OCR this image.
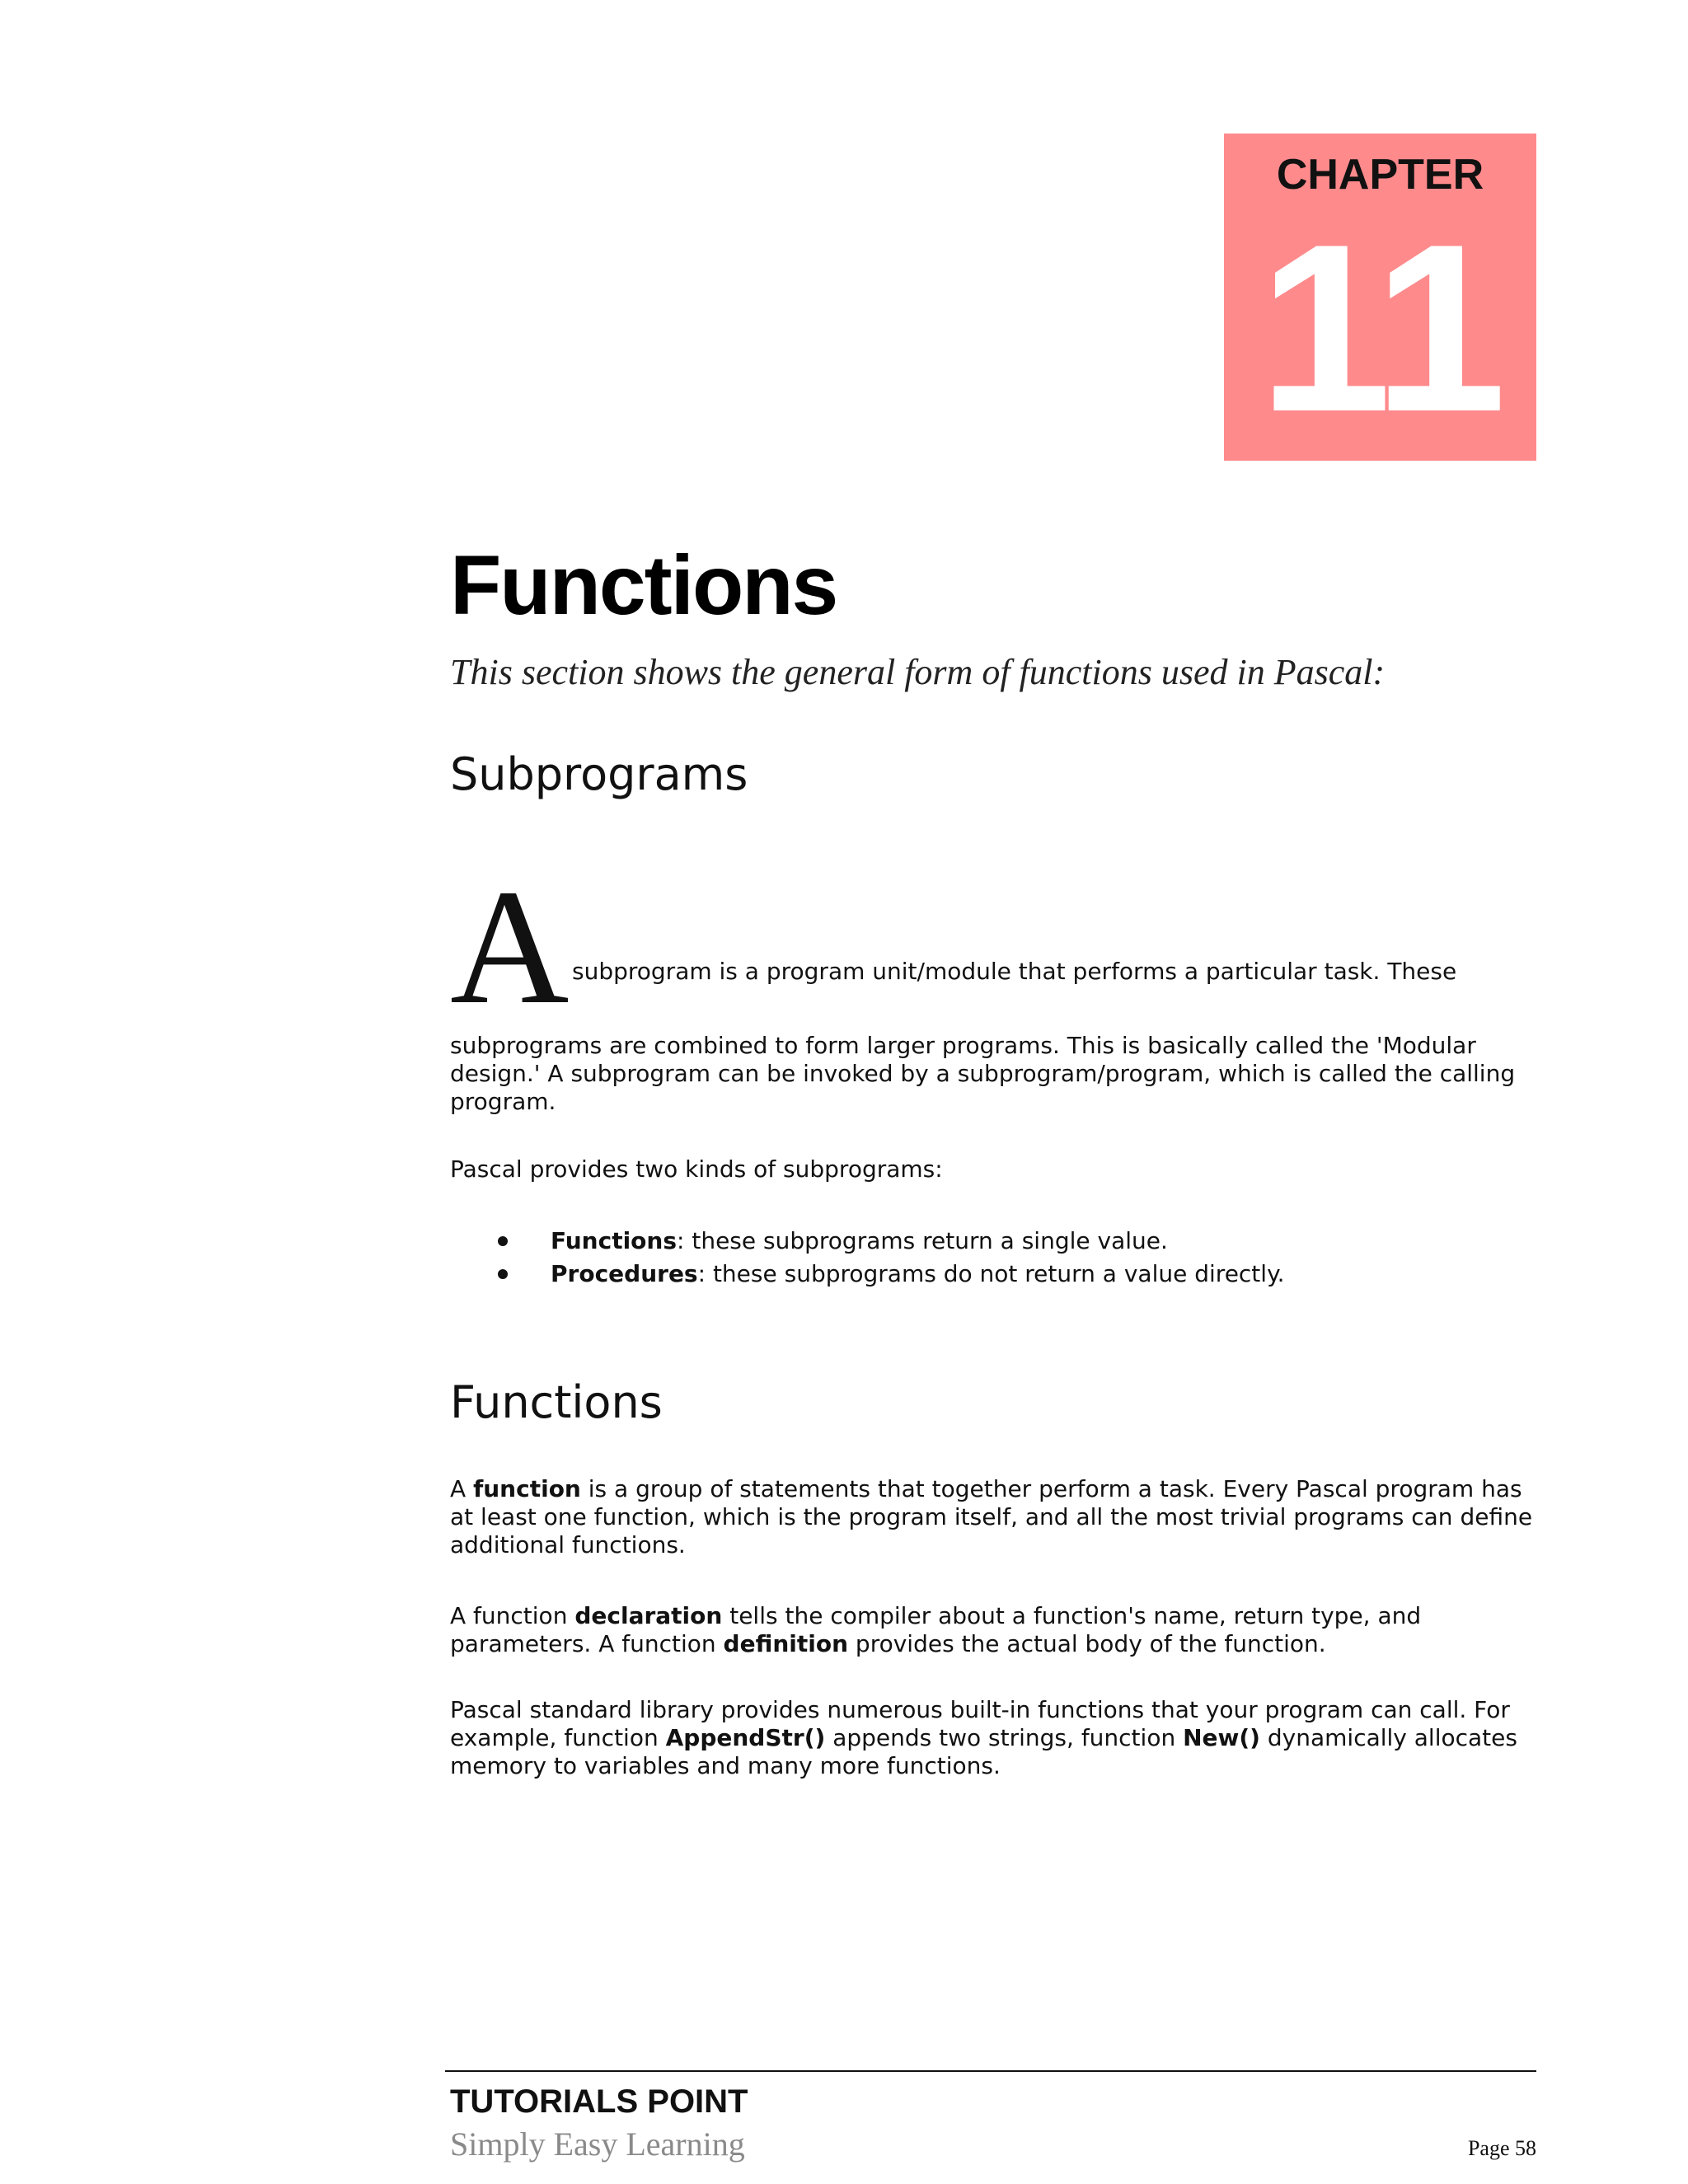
CHAPTER
11
Functions
This section shows the general form of functions used in Pascal:
Subprograms
A subprogram is a program unit/module that performs a particular task. These
subprograms are combined to form larger programs. This is basically called the 'Modular design.' A subprogram can be invoked by a subprogram/program, which is called the calling program.
Pascal provides two kinds of subprograms:
Functions: these subprograms return a single value.
Procedures: these subprograms do not return a value directly.
Functions
A function is a group of statements that together perform a task. Every Pascal program has at least one function, which is the program itself, and all the most trivial programs can define additional functions.
A function declaration tells the compiler about a function's name, return type, and parameters. A function definition provides the actual body of the function.
Pascal standard library provides numerous built-in functions that your program can call. For example, function AppendStr() appends two strings, function New() dynamically allocates memory to variables and many more functions.
TUTORIALS POINT
Simply Easy Learning	Page 58
